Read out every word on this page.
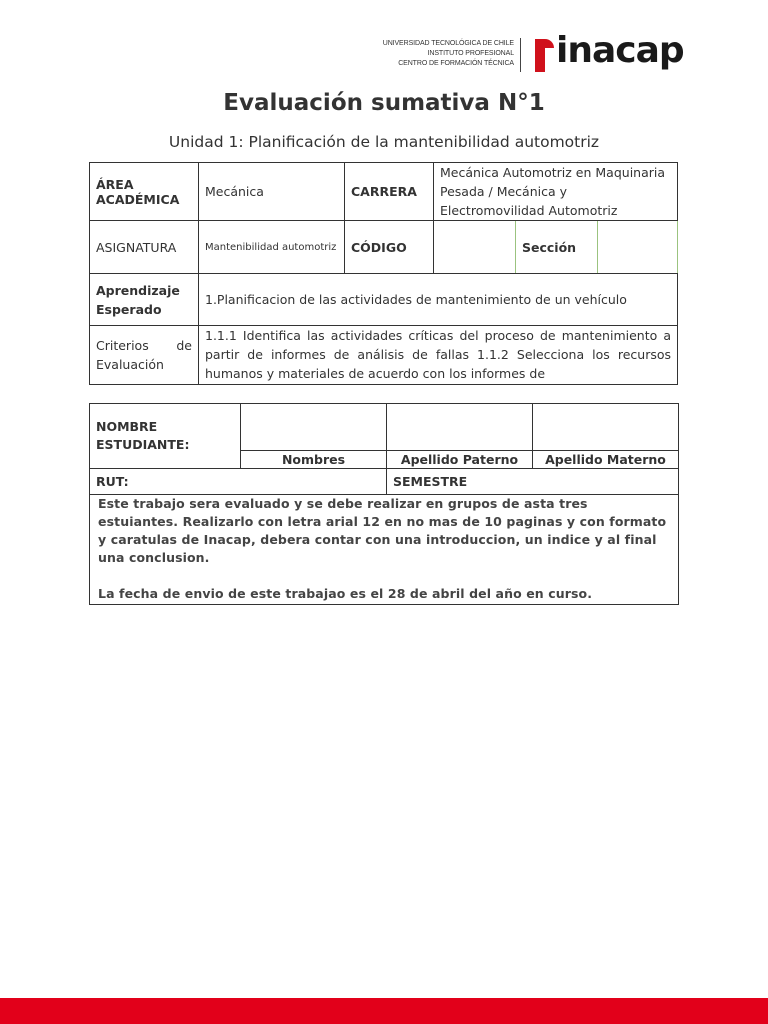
UNIVERSIDAD TECNOLÓGICA DE CHILE
INSTITUTO PROFESIONAL
CENTRO DE FORMACIÓN TÉCNICA inacap
Evaluación sumativa N°1
Unidad 1: Planificación de la mantenibilidad automotriz
ÁREA ACADÉMICA	Mecánica	CARRERA	Mecánica Automotriz en Maquinaria Pesada / Mecánica y Electromovilidad Automotriz		
ASIGNATURA	Mantenibilidad automotriz	CÓDIGO		Sección	
Aprendizaje Esperado	1.Planificacion de las actividades de mantenimiento de un vehículo				
Criterios de Evaluación	1.1.1 Identifica las actividades críticas del proceso de mantenimiento a partir de informes de análisis de fallas 1.1.2 Selecciona los recursos humanos y materiales de acuerdo con los informes de				
NOMBRE ESTUDIANTE:			
	Nombres	Apellido Paterno	Apellido Materno
RUT:		SEMESTRE	

Este trabajo sera evaluado y se debe realizar en grupos de asta tres estuiantes. Realizarlo con letra arial 12 en no mas de 10 paginas y con formato y caratulas de Inacap, debera contar con una introduccion, un indice y al final una conclusion.

La fecha de envio de este trabajao es el 28 de abril del año en curso.			
